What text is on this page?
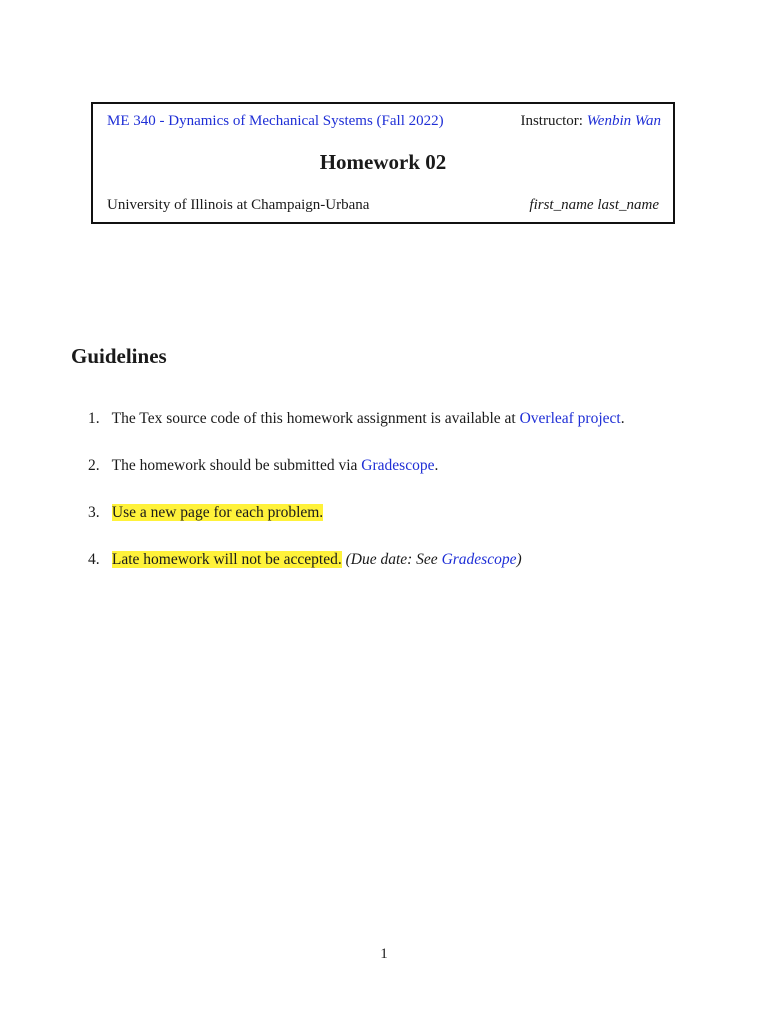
ME 340 - Dynamics of Mechanical Systems (Fall 2022)	Instructor: Wenbin Wan
Homework 02
University of Illinois at Champaign-Urbana	first_name last_name
Guidelines
1. The Tex source code of this homework assignment is available at Overleaf project.
2. The homework should be submitted via Gradescope.
3. Use a new page for each problem.
4. Late homework will not be accepted. (Due date: See Gradescope)
1
